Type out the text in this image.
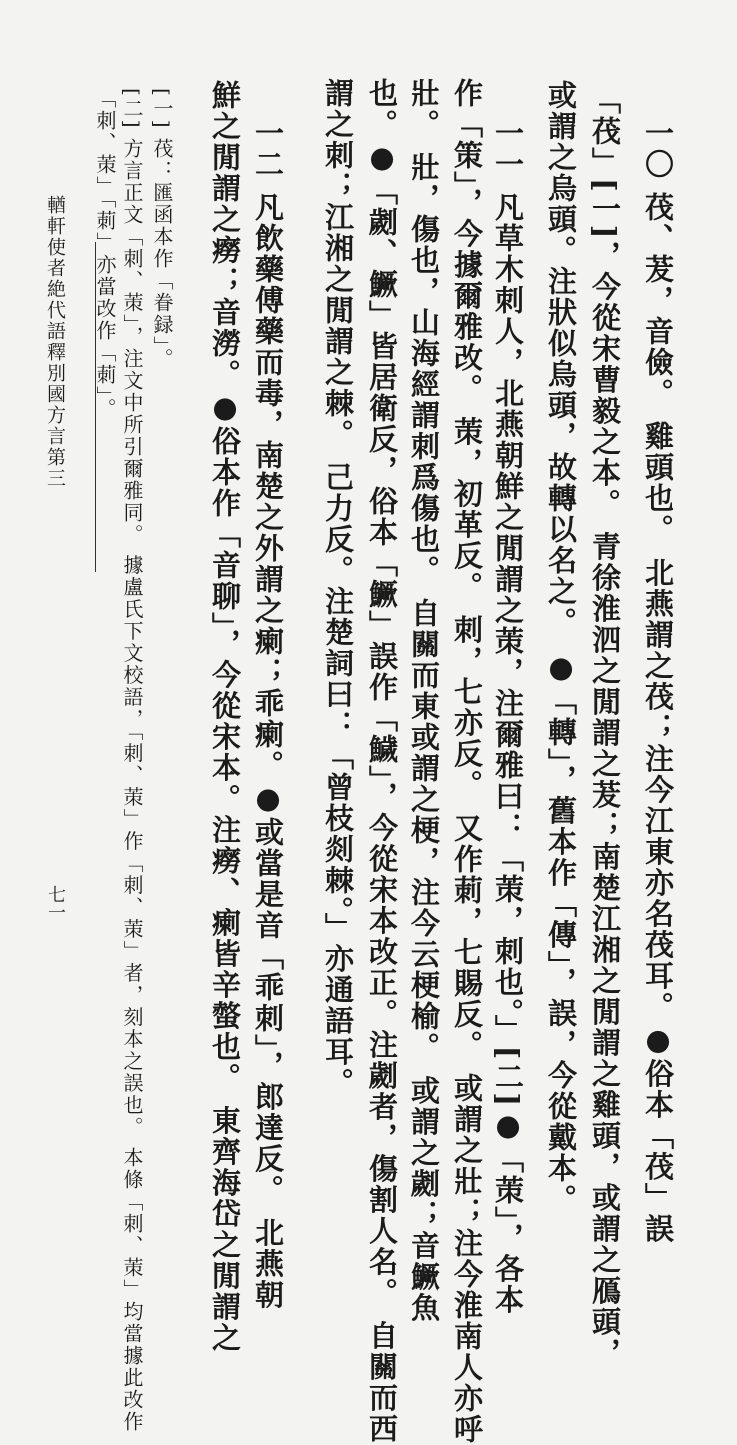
一〇 茷、茇，音儉。 雞頭也。 北燕謂之茷；注今江東亦名茷耳。●俗本「茷」誤
「茷」[一]，今從宋曹毅之本。 青徐淮泗之閒謂之茇；南楚江湘之閒謂之雞頭，或謂之鴈頭，
或謂之烏頭。注狀似烏頭，故轉以名之。 ●「轉」，舊本作「傳」，誤，今從戴本。
一一 凡草木刺人，北燕朝鮮之閒謂之茦，注爾雅曰：「茦，刺也。」[二]●「茦」，各本
作「策」，今據爾雅改。 茦，初革反。 刺，七亦反。 又作莿，七賜反。 或謂之壯；注今淮南人亦呼
壯。 壯，傷也，山海經謂刺爲傷也。 自關而東或謂之梗，注今云梗榆。 或謂之劌；音鱖魚
也。●「劌、鱖」皆居衛反，俗本「鱖」誤作「鱥」，今從宋本改正。注劌者，傷割人名。 自關而西
謂之刺；江湘之閒謂之棘。 己力反。注楚詞曰：「曾枝剡棘。」亦通語耳。
一二 凡飲藥傅藥而毒，南楚之外謂之瘌；乖瘌。●或當是音「乖刺」，郎達反。 北燕朝
鮮之閒謂之癆；音澇。●俗本作「音聊」，今從宋本。注癆、瘌皆辛螫也。 東齊海岱之閒謂之
[一] 茷：匯函本作「眷録」。
[二] 方言正文「刺、茦」，注文中所引爾雅同。 據盧氏下文校語，「刺、茦」作「刺、茦」者，刻本之誤也。 本條「刺、茦」均當據此改作
「刺、茦」「莿」亦當改作「莿」。
輶軒使者絶代語釋別國方言第三
七一
